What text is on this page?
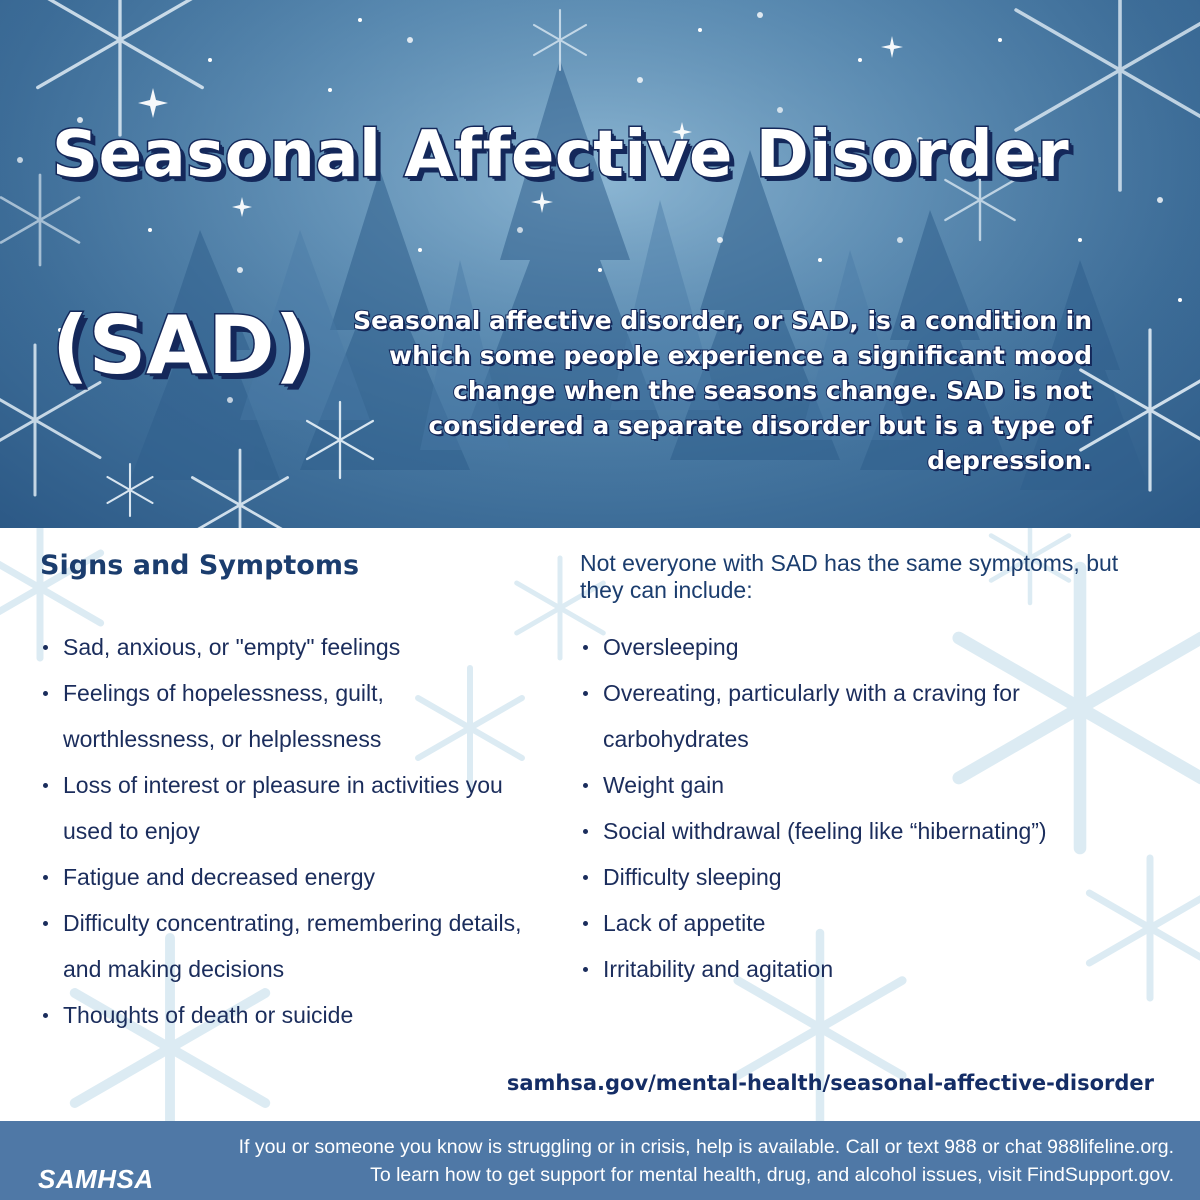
Seasonal Affective Disorder

(SAD)	Seasonal affective disorder, or SAD, is a condition in which some people experience a significant mood change when the seasons change. SAD is not considered a separate disorder but is a type of depression.

Signs and Symptoms
Sad, anxious, or "empty" feelings
Feelings of hopelessness, guilt, worthlessness, or helplessness
Loss of interest or pleasure in activities you used to enjoy
Fatigue and decreased energy
Difficulty concentrating, remembering details, and making decisions
Thoughts of death or suicide

Not everyone with SAD has the same symptoms, but they can include:

Oversleeping
Overeating, particularly with a craving for carbohydrates
Weight gain
Social withdrawal (feeling like “hibernating”)
Difficulty sleeping
Lack of appetite
Irritability and agitation

samhsa.gov/mental-health/seasonal-affective-disorder

SAMHSA

If you or someone you know is struggling or in crisis, help is available. Call or text 988 or chat 988lifeline.org.
To learn how to get support for mental health, drug, and alcohol issues, visit FindSupport.gov.
